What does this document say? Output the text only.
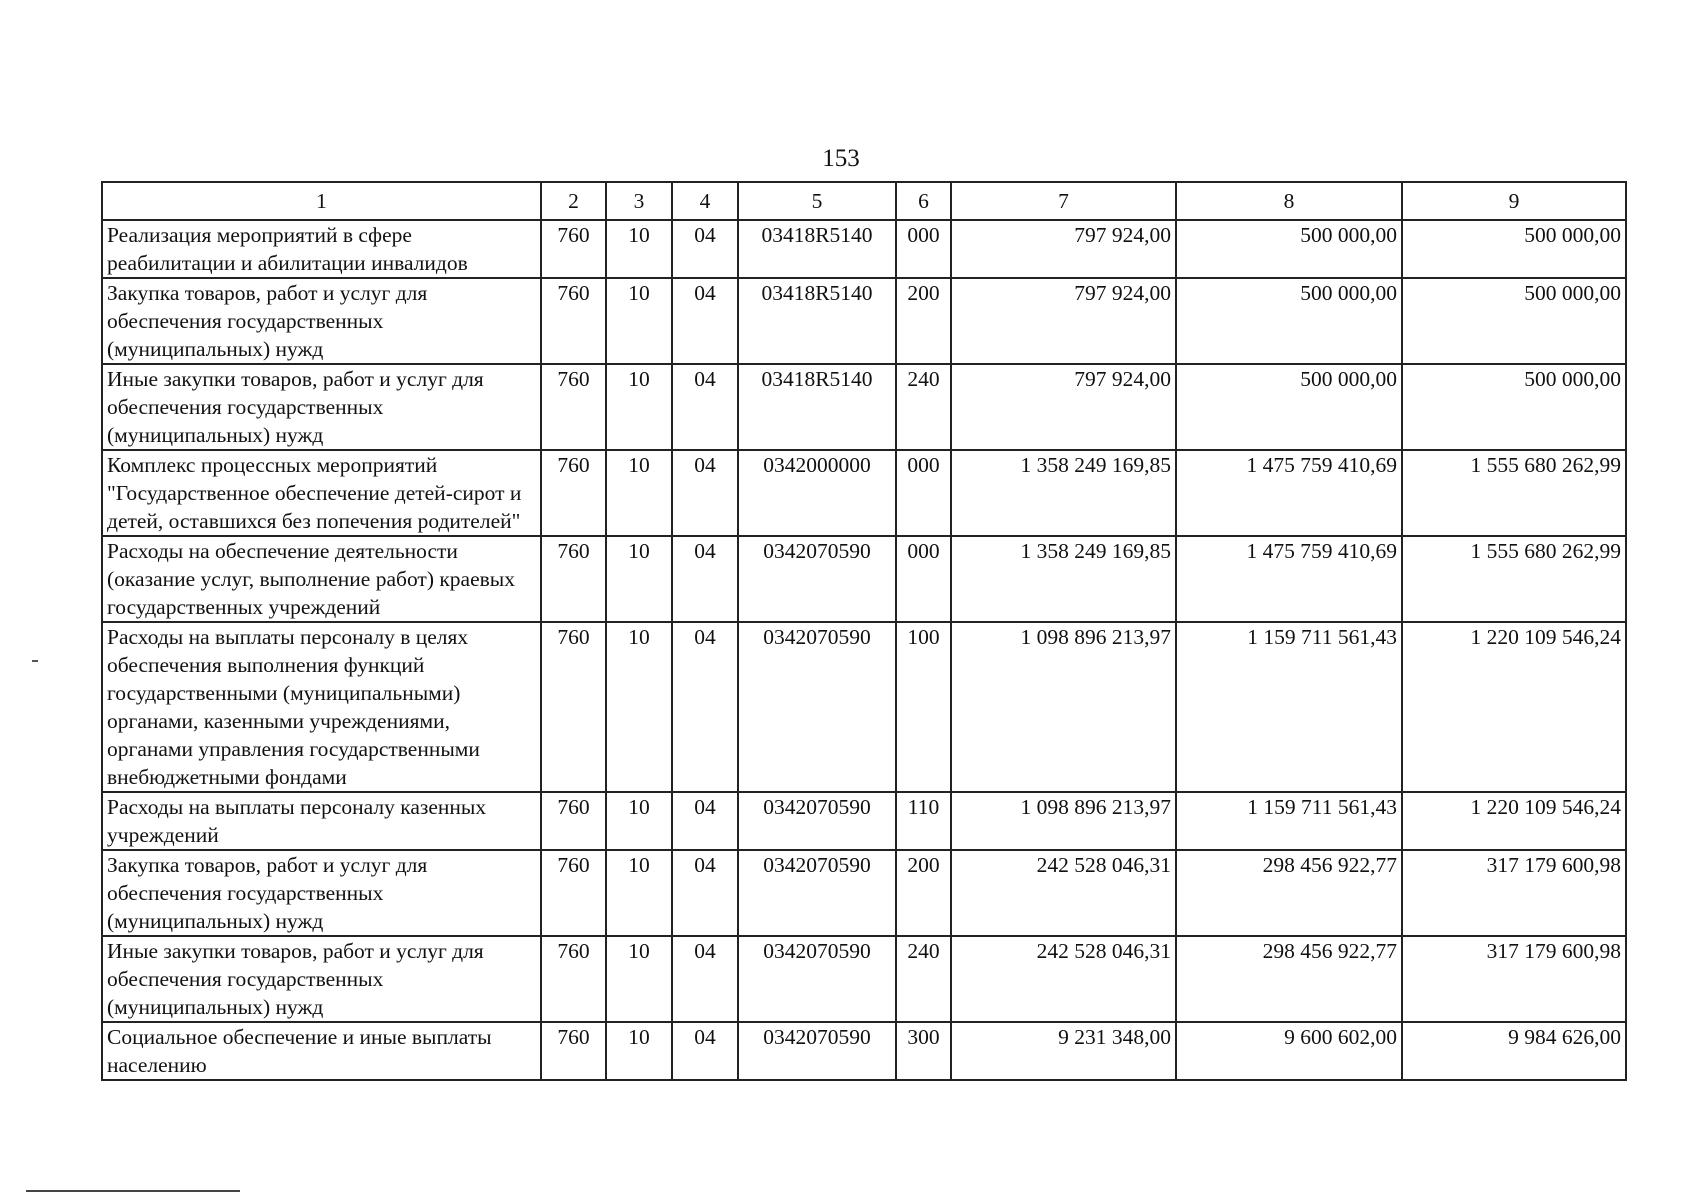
153
1	2	3	4	5	6	7	8	9
Реализация мероприятий в сфере реабилитации и абилитации инвалидов	760	10	04	03418R5140	000	797 924,00	500 000,00	500 000,00
Закупка товаров, работ и услуг для обеспечения государственных (муниципальных) нужд	760	10	04	03418R5140	200	797 924,00	500 000,00	500 000,00
Иные закупки товаров, работ и услуг для обеспечения государственных (муниципальных) нужд	760	10	04	03418R5140	240	797 924,00	500 000,00	500 000,00
Комплекс процессных мероприятий "Государственное обеспечение детей-сирот и детей, оставшихся без попечения родителей"	760	10	04	0342000000	000	1 358 249 169,85	1 475 759 410,69	1 555 680 262,99
Расходы на обеспечение деятельности (оказание услуг, выполнение работ) краевых государственных учреждений	760	10	04	0342070590	000	1 358 249 169,85	1 475 759 410,69	1 555 680 262,99
Расходы на выплаты персоналу в целях обеспечения выполнения функций государственными (муниципальными) органами, казенными учреждениями, органами управления государственными внебюджетными фондами	760	10	04	0342070590	100	1 098 896 213,97	1 159 711 561,43	1 220 109 546,24
Расходы на выплаты персоналу казенных учреждений	760	10	04	0342070590	110	1 098 896 213,97	1 159 711 561,43	1 220 109 546,24
Закупка товаров, работ и услуг для обеспечения государственных (муниципальных) нужд	760	10	04	0342070590	200	242 528 046,31	298 456 922,77	317 179 600,98
Иные закупки товаров, работ и услуг для обеспечения государственных (муниципальных) нужд	760	10	04	0342070590	240	242 528 046,31	298 456 922,77	317 179 600,98
Социальное обеспечение и иные выплаты населению	760	10	04	0342070590	300	9 231 348,00	9 600 602,00	9 984 626,00
